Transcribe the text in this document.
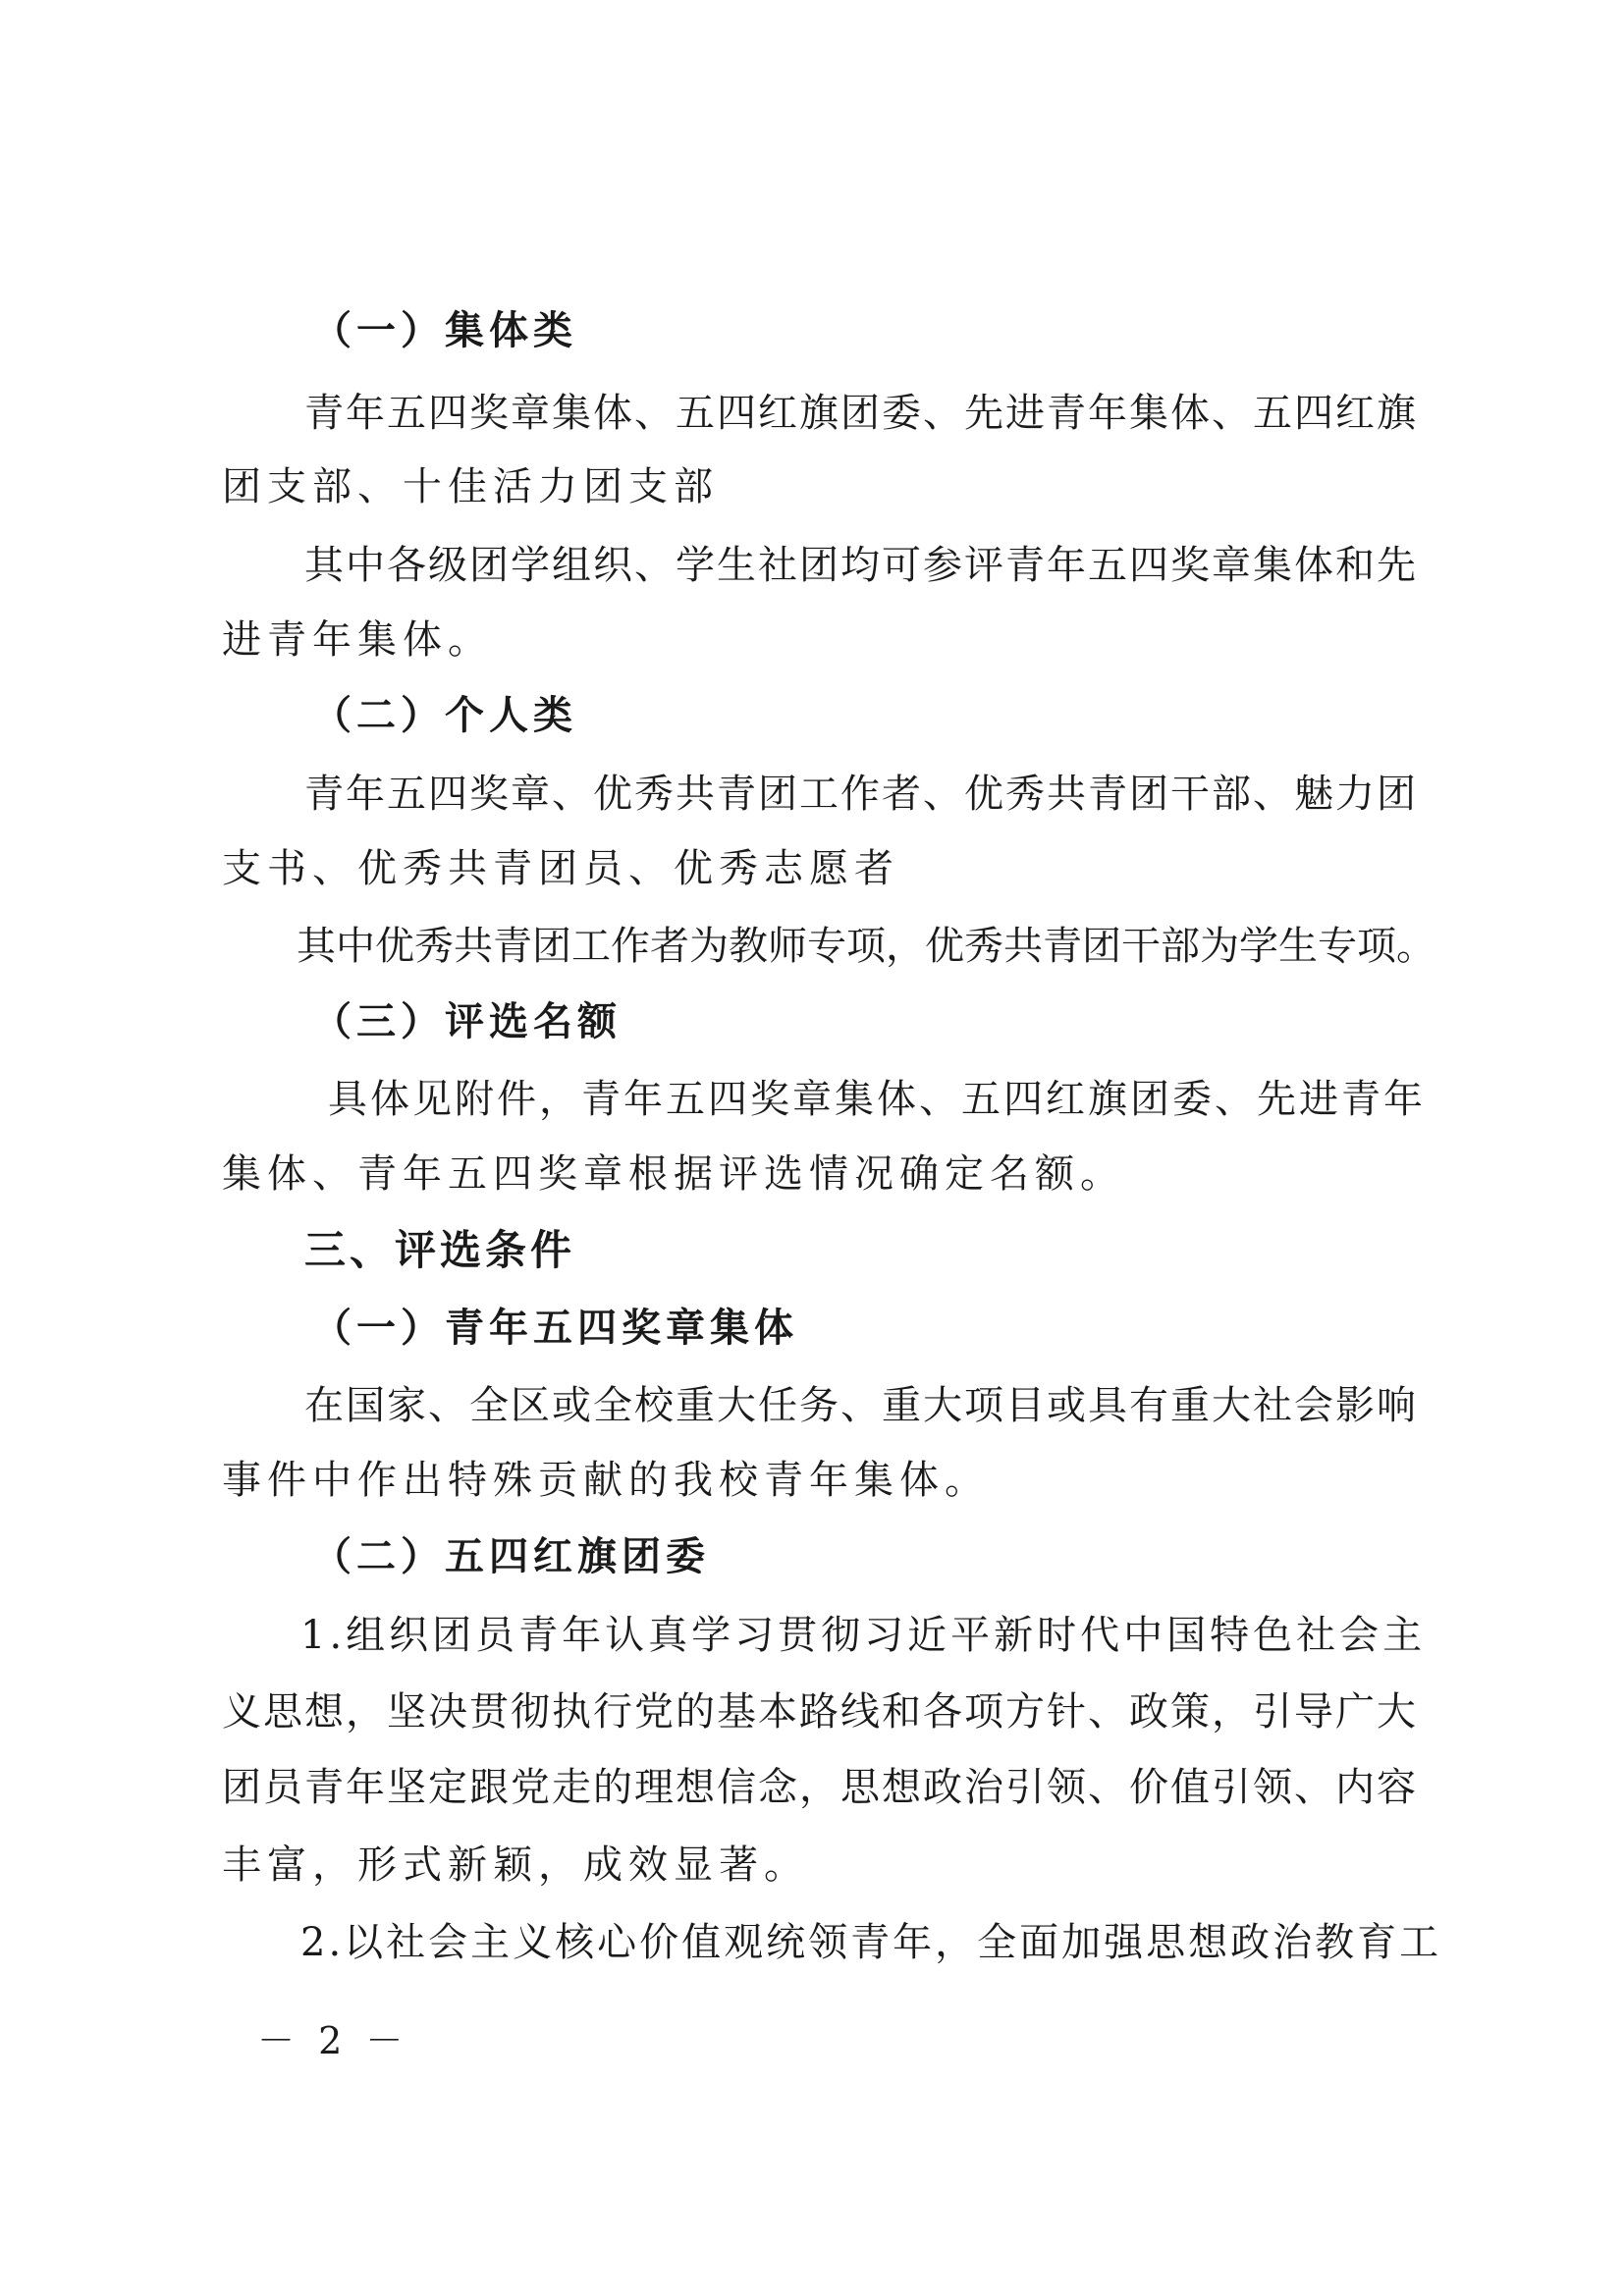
（一）集体类

青年五四奖章集体、五四红旗团委、先进青年集体、五四红旗

团支部、十佳活力团支部

其中各级团学组织、学生社团均可参评青年五四奖章集体和先

进青年集体。

（二）个人类

青年五四奖章、优秀共青团工作者、优秀共青团干部、魅力团

支书、优秀共青团员、优秀志愿者

其中优秀共青团工作者为教师专项，优秀共青团干部为学生专项。

（三）评选名额

具体见附件，青年五四奖章集体、五四红旗团委、先进青年

集体、青年五四奖章根据评选情况确定名额。

三、评选条件

（一）青年五四奖章集体

在国家、全区或全校重大任务、重大项目或具有重大社会影响

事件中作出特殊贡献的我校青年集体。

（二）五四红旗团委

1.组织团员青年认真学习贯彻习近平新时代中国特色社会主

义思想，坚决贯彻执行党的基本路线和各项方针、政策，引导广大

团员青年坚定跟党走的理想信念，思想政治引领、价值引领、内容

丰富，形式新颖，成效显著。

2.以社会主义核心价值观统领青年，全面加强思想政治教育工

－ 2 －
